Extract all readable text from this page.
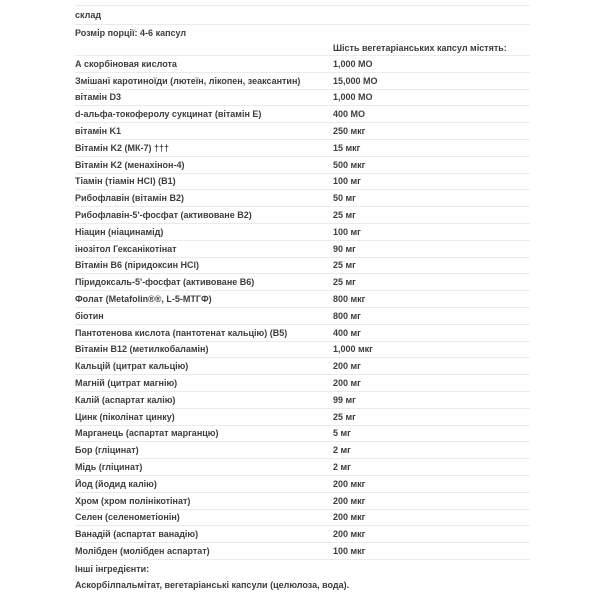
склад
Розмір порції: 4-6 капсул
Шість вегетаріанських капсул містять:
А скорбіновая кислота	1,000 МО
Змішані каротиноїди (лютеїн, лікопен, зеаксантин)	15,000 МО
вітамін D3	1,000 МО
d-альфа-токоферолу сукцинат (вітамін E)	400 МО
вітамін K1	250 мкг
Вітамін K2 (МК-7) †††	15 мкг
Вітамін K2 (менахінон-4)	500 мкг
Тіамін (тіамін HCl) (B1)	100 мг
Рибофлавін (вітамін B2)	50 мг
Рибофлавін-5'-фосфат (активоване B2)	25 мг
Ніацин (ніацинамід)	100 мг
інозітол Гексанікотінат	90 мг
Вітамін B6 (піридоксин HCl)	25 мг
Піридоксаль-5'-фосфат (активоване B6)	25 мг
Фолат (Metafolin®®, L-5-МТГФ)	800 мкг
біотин	800 мг
Пантотенова кислота (пантотенат кальцію) (B5)	400 мг
Вітамін B12 (метилкобаламін)	1,000 мкг
Кальцій (цитрат кальцію)	200 мг
Магній (цитрат магнію)	200 мг
Калій (аспартат калію)	99 мг
Цинк (піколінат цинку)	25 мг
Марганець (аспартат марганцю)	5 мг
Бор (гліцинат)	2 мг
Мідь (гліцинат)	2 мг
Йод (йодид калію)	200 мкг
Хром (хром полінікотінат)	200 мкг
Селен (селенометіонін)	200 мкг
Ванадій (аспартат ванадію)	200 мкг
Молібден (молібден аспартат)	100 мкг
Інші інгредієнти:
Аскорбілпальмітат, вегетаріанські капсули (целюлоза, вода).
